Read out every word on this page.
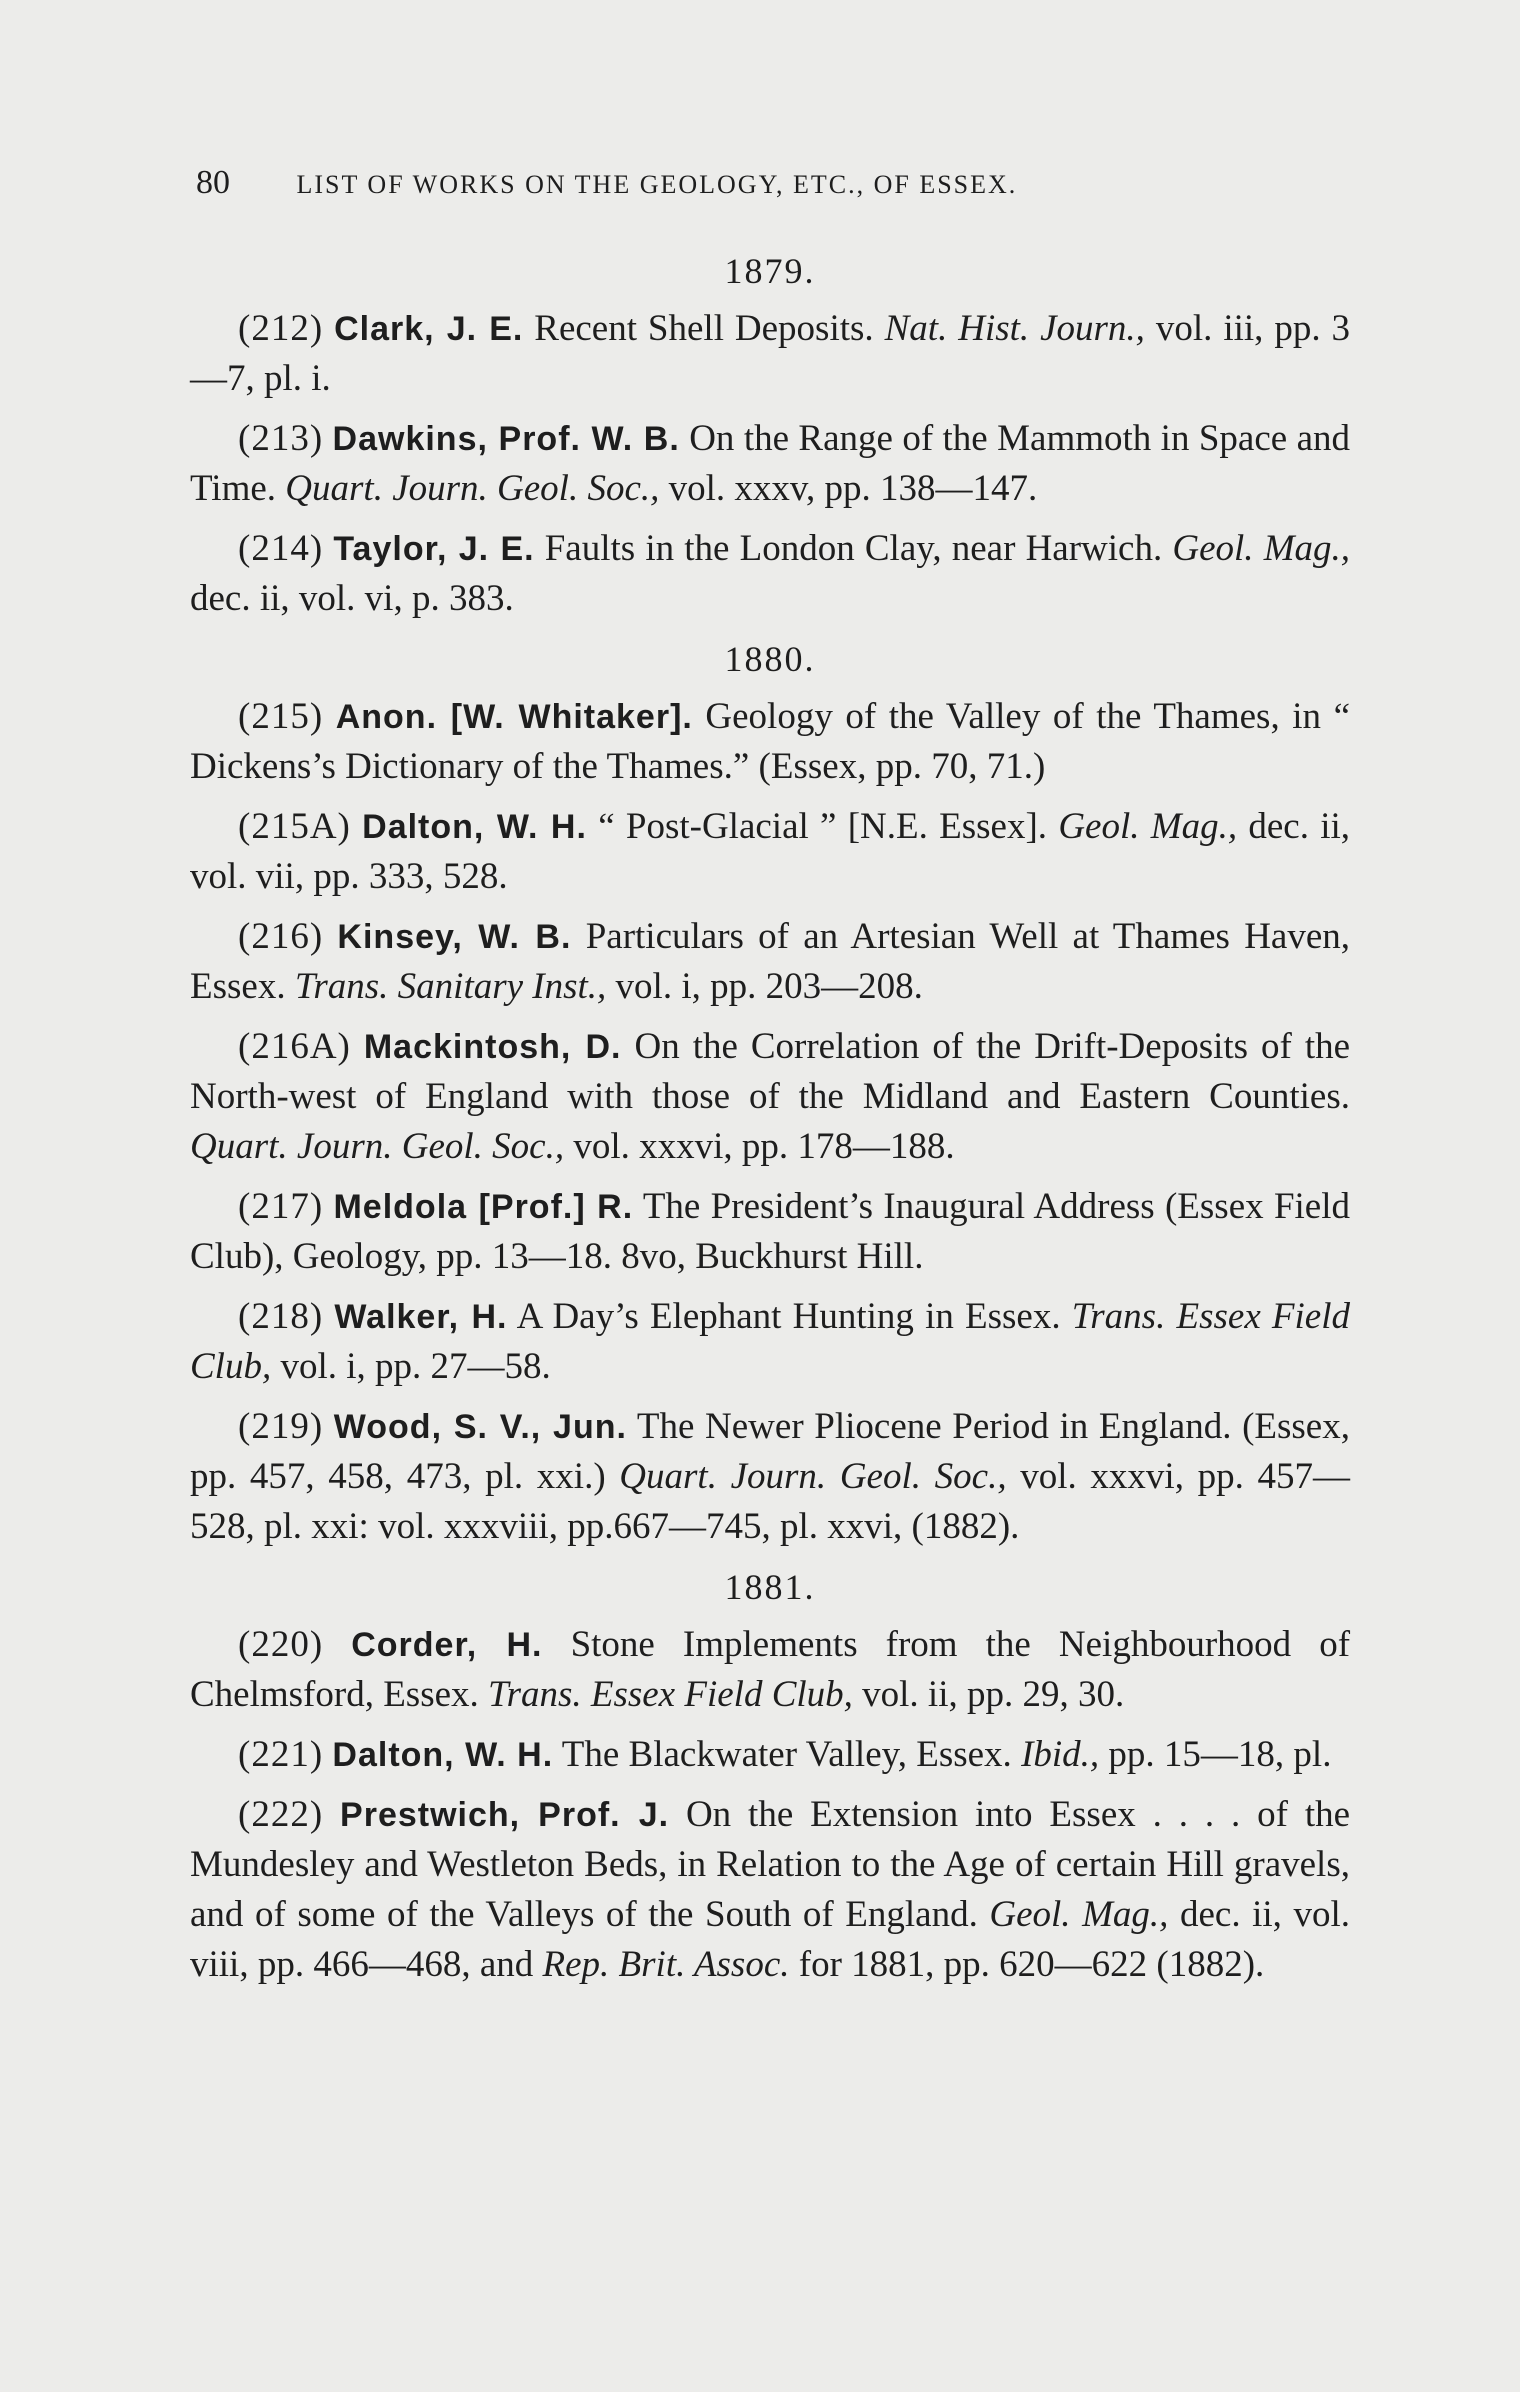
80	LIST OF WORKS ON THE GEOLOGY, ETC., OF ESSEX.
1879.

(212) Clark, J. E. Recent Shell Deposits. Nat. Hist. Journ., vol. iii, pp. 3—7, pl. i.

(213) Dawkins, Prof. W. B. On the Range of the Mammoth in Space and Time. Quart. Journ. Geol. Soc., vol. xxxv, pp. 138—147.

(214) Taylor, J. E. Faults in the London Clay, near Harwich. Geol. Mag., dec. ii, vol. vi, p. 383.

1880.

(215) Anon. [W. Whitaker]. Geology of the Valley of the Thames, in “ Dickens’s Dictionary of the Thames.” (Essex, pp. 70, 71.)

(215A) Dalton, W. H. “ Post-Glacial ” [N.E. Essex]. Geol. Mag., dec. ii, vol. vii, pp. 333, 528.

(216) Kinsey, W. B. Particulars of an Artesian Well at Thames Haven, Essex. Trans. Sanitary Inst., vol. i, pp. 203—208.

(216A) Mackintosh, D. On the Correlation of the Drift-Deposits of the North-west of England with those of the Midland and Eastern Counties. Quart. Journ. Geol. Soc., vol. xxxvi, pp. 178—188.

(217) Meldola [Prof.] R. The President’s Inaugural Address (Essex Field Club), Geology, pp. 13—18. 8vo, Buckhurst Hill.

(218) Walker, H. A Day’s Elephant Hunting in Essex. Trans. Essex Field Club, vol. i, pp. 27—58.

(219) Wood, S. V., Jun. The Newer Pliocene Period in England. (Essex, pp. 457, 458, 473, pl. xxi.) Quart. Journ. Geol. Soc., vol. xxxvi, pp. 457—528, pl. xxi: vol. xxxviii, pp.667—745, pl. xxvi, (1882).

1881.

(220) Corder, H. Stone Implements from the Neighbourhood of Chelmsford, Essex. Trans. Essex Field Club, vol. ii, pp. 29, 30.

(221) Dalton, W. H. The Blackwater Valley, Essex. Ibid., pp. 15—18, pl.

(222) Prestwich, Prof. J. On the Extension into Essex . . . . of the Mundesley and Westleton Beds, in Relation to the Age of certain Hill gravels, and of some of the Valleys of the South of England. Geol. Mag., dec. ii, vol. viii, pp. 466—468, and Rep. Brit. Assoc. for 1881, pp. 620—622 (1882).
